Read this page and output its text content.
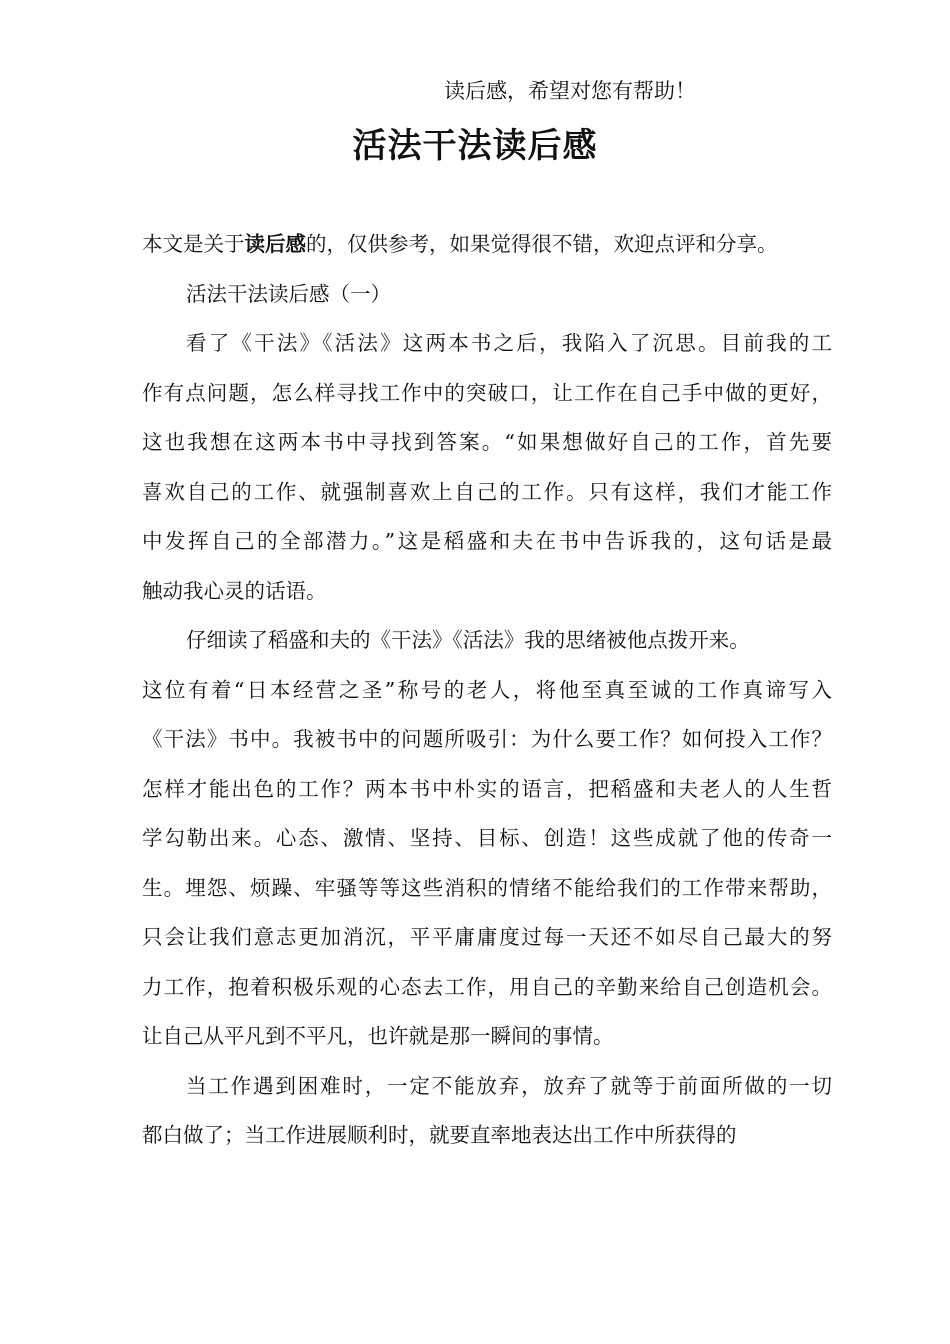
读后感，希望对您有帮助！
活法干法读后感
本文是关于读后感的，仅供参考，如果觉得很不错，欢迎点评和分享。
活法干法读后感（一）
看了《干法》《活法》这两本书之后，我陷入了沉思。目前我的工
作有点问题，怎么样寻找工作中的突破口，让工作在自己手中做的更好，
这也我想在这两本书中寻找到答案。“如果想做好自己的工作，首先要
喜欢自己的工作、就强制喜欢上自己的工作。只有这样，我们才能工作
中发挥自己的全部潜力。”这是稻盛和夫在书中告诉我的，这句话是最
触动我心灵的话语。
仔细读了稻盛和夫的《干法》《活法》我的思绪被他点拨开来。
这位有着“日本经营之圣”称号的老人，将他至真至诚的工作真谛写入
《干法》书中。我被书中的问题所吸引：为什么要工作？如何投入工作？
怎样才能出色的工作？两本书中朴实的语言，把稻盛和夫老人的人生哲
学勾勒出来。心态、激情、坚持、目标、创造！这些成就了他的传奇一
生。埋怨、烦躁、牢骚等等这些消积的情绪不能给我们的工作带来帮助，
只会让我们意志更加消沉，平平庸庸度过每一天还不如尽自己最大的努
力工作，抱着积极乐观的心态去工作，用自己的辛勤来给自己创造机会。
让自己从平凡到不平凡，也许就是那一瞬间的事情。
当工作遇到困难时，一定不能放弃，放弃了就等于前面所做的一切
都白做了；当工作进展顺利时，就要直率地表达出工作中所获得的
